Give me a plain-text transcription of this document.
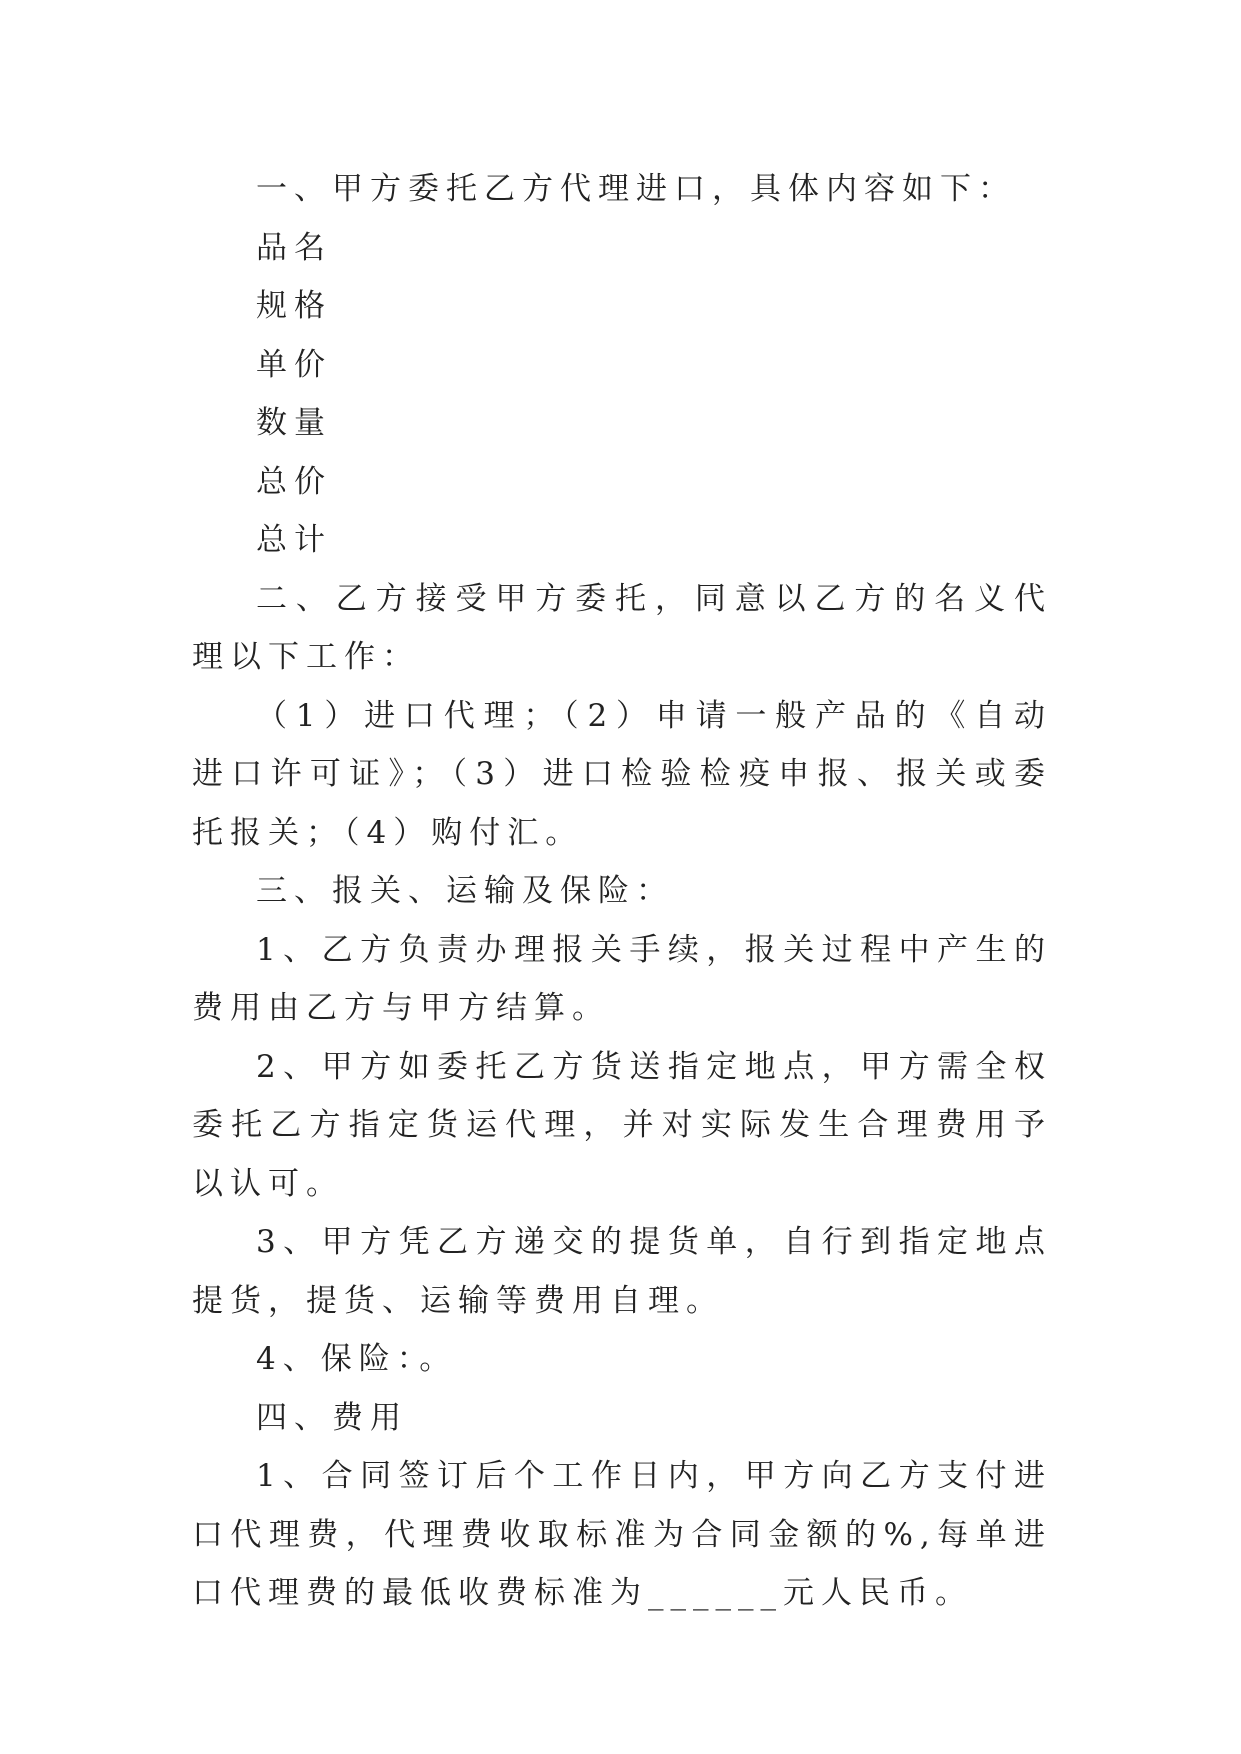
一、甲方委托乙方代理进口，具体内容如下：

品名

规格

单价

数量

总价

总计

二、乙方接受甲方委托，同意以乙方的名义代理以下工作：

（1）进口代理；（2）申请一般产品的《自动进口许可证》；（3）进口检验检疫申报、报关或委托报关；（4）购付汇。

三、报关、运输及保险：

1、乙方负责办理报关手续，报关过程中产生的费用由乙方与甲方结算。

2、甲方如委托乙方货送指定地点，甲方需全权委托乙方指定货运代理，并对实际发生合理费用予以认可。

3、甲方凭乙方递交的提货单，自行到指定地点提货，提货、运输等费用自理。

4、保险：。

四、费用

1、合同签订后个工作日内，甲方向乙方支付进口代理费，代理费收取标准为合同金额的%,每单进口代理费的最低收费标准为______元人民币。
